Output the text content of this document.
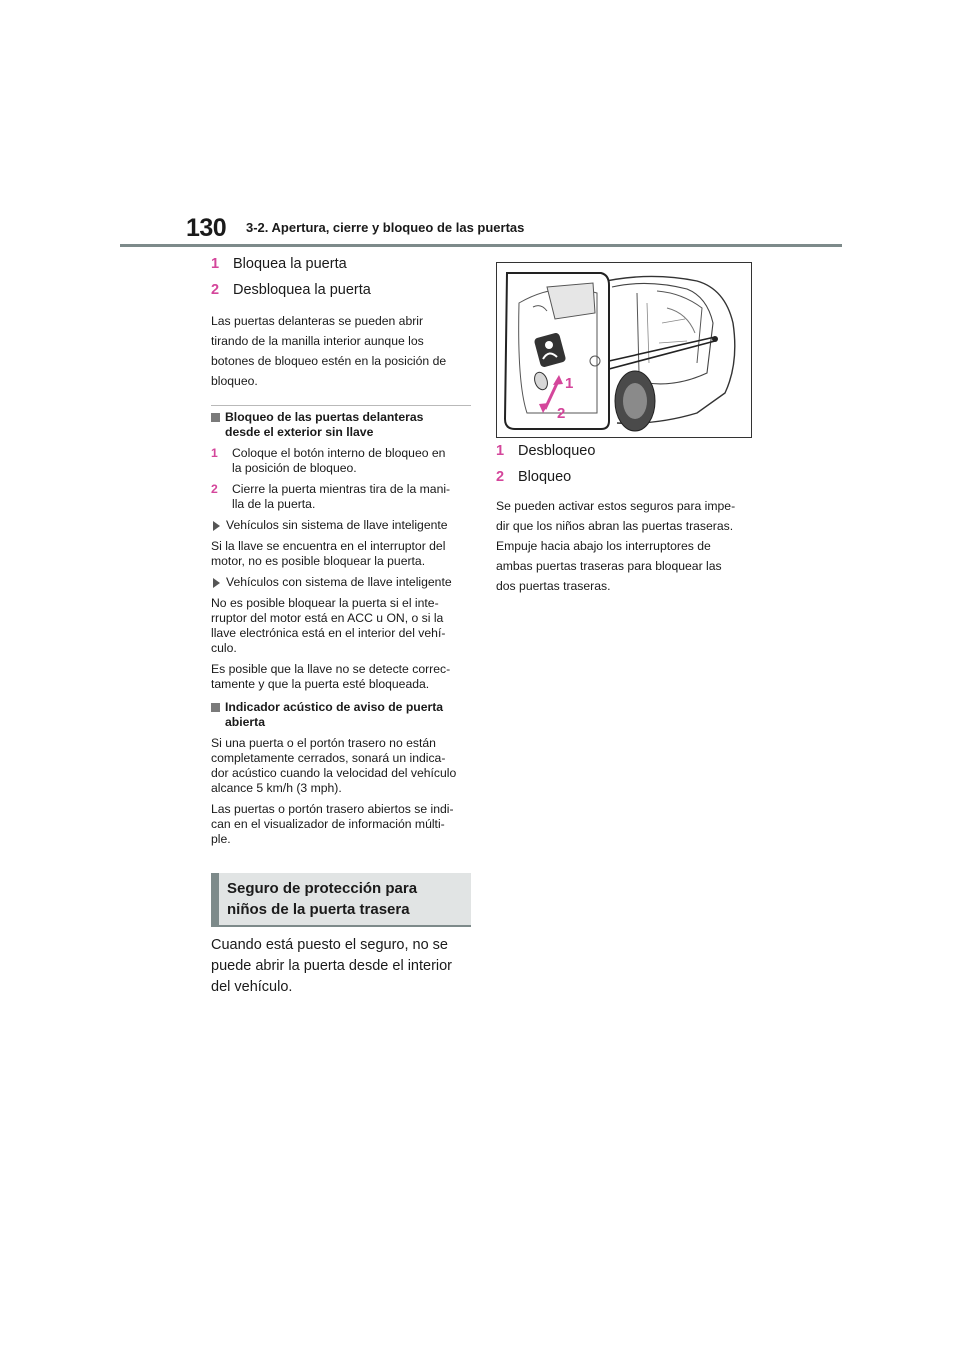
130 3-2. Apertura, cierre y bloqueo de las puertas
1 Bloquea la puerta
2 Desbloquea la puerta
Las puertas delanteras se pueden abrir
tirando de la manilla interior aunque los
botones de bloqueo estén en la posición de
bloqueo.
Bloqueo de las puertas delanteras
desde el exterior sin llave
1	Coloque el botón interno de bloqueo en
la posición de bloqueo.
2	Cierre la puerta mientras tira de la mani-
lla de la puerta.
Vehículos sin sistema de llave inteligente
Si la llave se encuentra en el interruptor del
motor, no es posible bloquear la puerta.
Vehículos con sistema de llave inteligente
No es posible bloquear la puerta si el inte-
rruptor del motor está en ACC u ON, o si la
llave electrónica está en el interior del vehí-
culo.
Es posible que la llave no se detecte correc-
tamente y que la puerta esté bloqueada.
Indicador acústico de aviso de puerta
abierta
Si una puerta o el portón trasero no están
completamente cerrados, sonará un indica-
dor acústico cuando la velocidad del vehículo
alcance 5 km/h (3 mph).
Las puertas o portón trasero abiertos se indi-
can en el visualizador de información múlti-
ple.
Seguro de protección para
niños de la puerta trasera
Cuando está puesto el seguro, no se
puede abrir la puerta desde el interior
del vehículo.
1
2
1 Desbloqueo
2 Bloqueo
Se pueden activar estos seguros para impe-
dir que los niños abran las puertas traseras.
Empuje hacia abajo los interruptores de
ambas puertas traseras para bloquear las
dos puertas traseras.
